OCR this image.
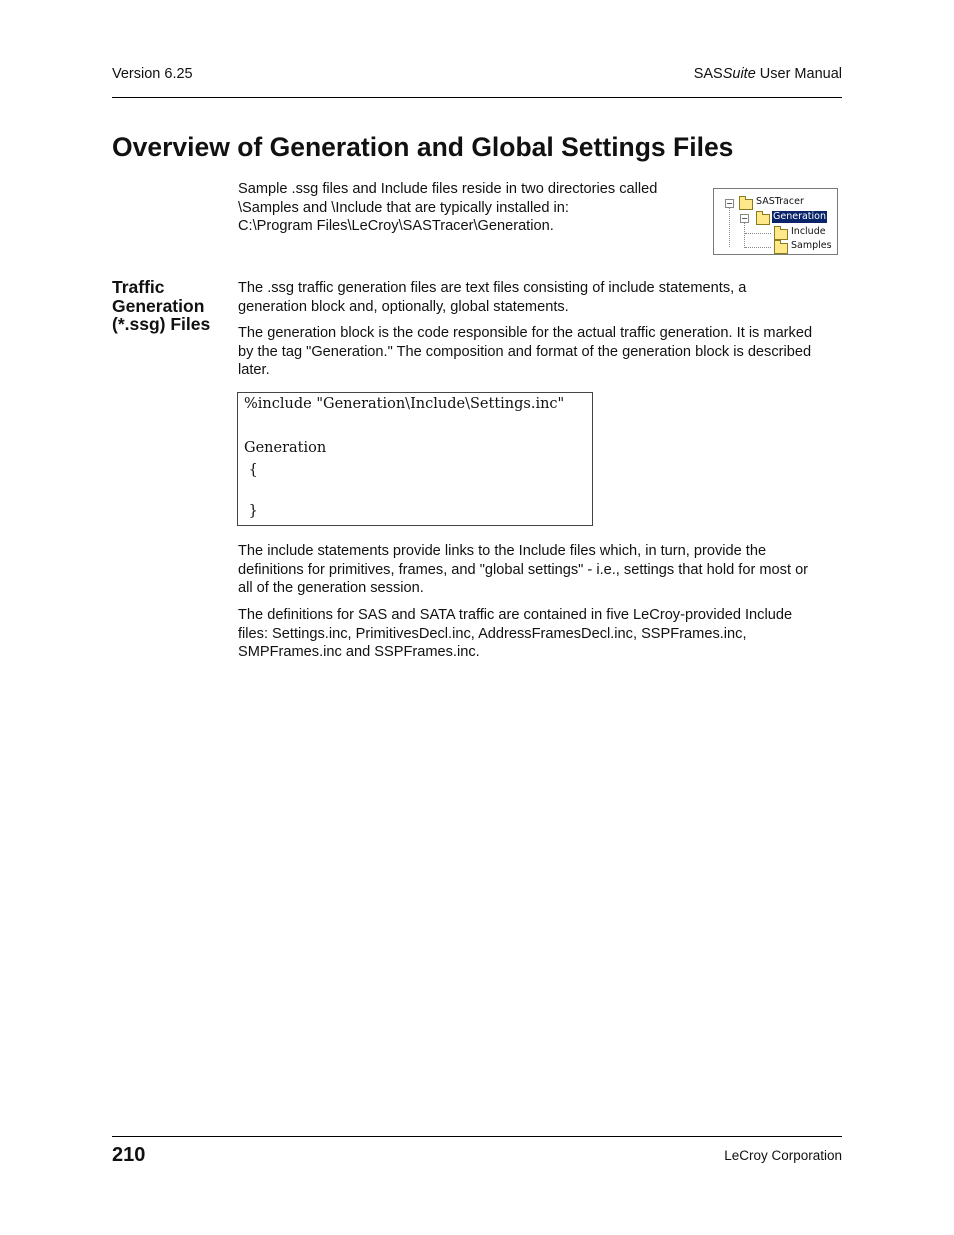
Version 6.25	SASSuite User Manual
Overview of Generation and Global Settings Files

Sample .ssg files and Include files reside in two directories called
\Samples and \Include that are typically installed in:
C:\Program Files\LeCroy\SASTracer\Generation.

− SASTracer
−	Generation
Include
Samples
Traffic
Generation
(*.ssg) Files

The .ssg traffic generation files are text files consisting of include statements, a
generation block and, optionally, global statements.

The generation block is the code responsible for the actual traffic generation. It is marked
by the tag "Generation." The composition and format of the generation block is described
later.

%include "Generation\Include\Settings.inc"
Generation
{
}

The include statements provide links to the Include files which, in turn, provide the
definitions for primitives, frames, and "global settings" - i.e., settings that hold for most or
all of the generation session.

The definitions for SAS and SATA traffic are contained in five LeCroy-provided Include
files: Settings.inc, PrimitivesDecl.inc, AddressFramesDecl.inc, SSPFrames.inc,
SMPFrames.inc and SSPFrames.inc.

210	LeCroy Corporation
